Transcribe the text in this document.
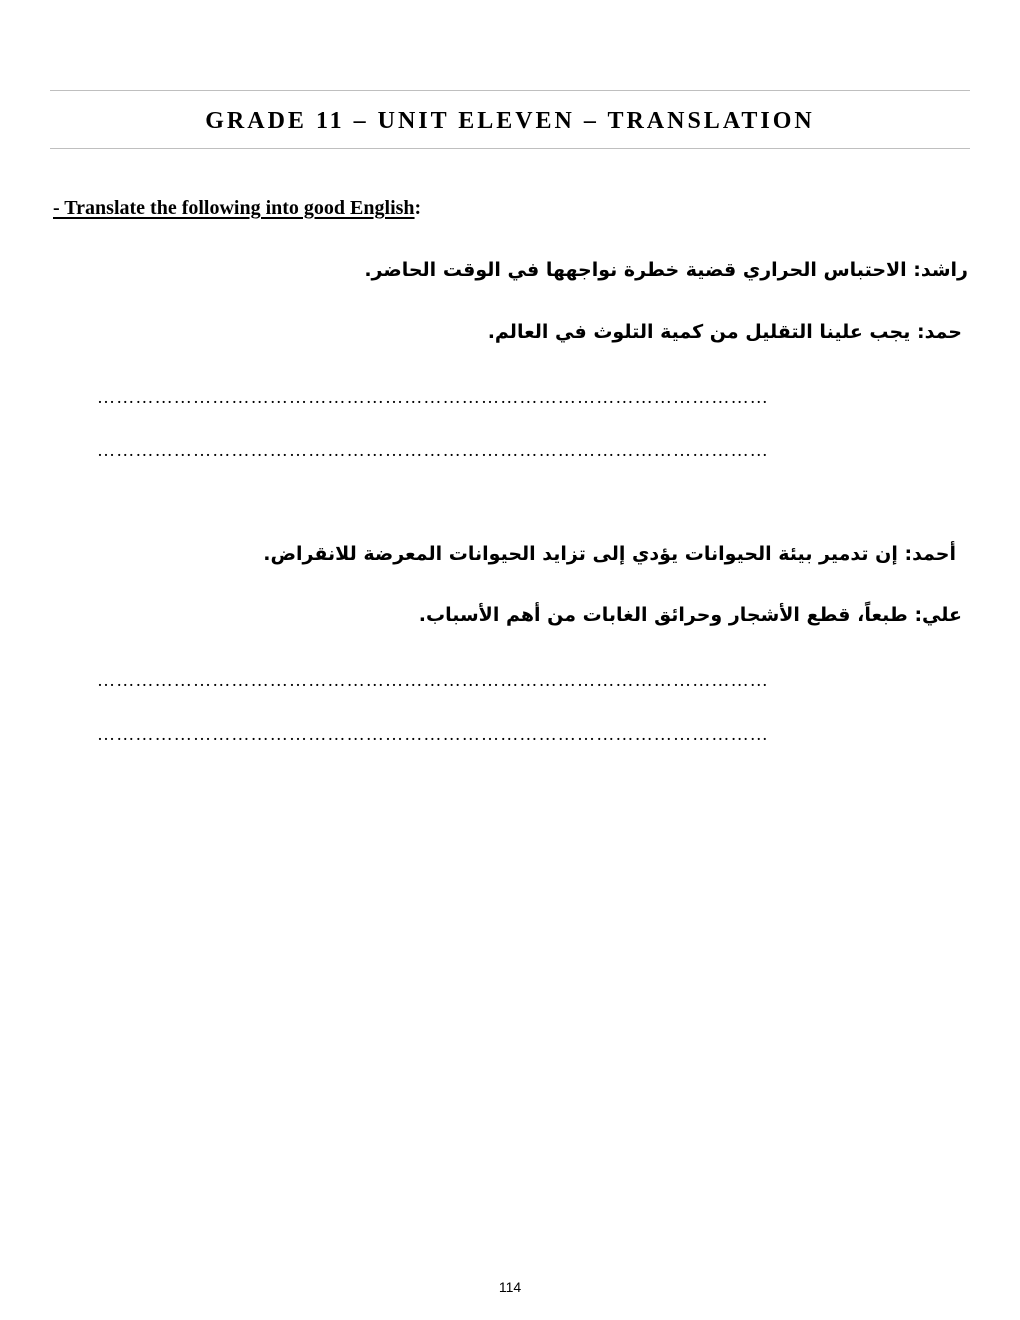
GRADE 11 – UNIT ELEVEN – TRANSLATION
- Translate the following into good English:
راشد: الاحتباس الحراري قضية خطرة نواجهها في الوقت الحاضر.
حمد: يجب علينا التقليل من كمية التلوث في العالم.
……………………………………………………………………………………………
……………………………………………………………………………………………
أحمد: إن تدمير بيئة الحيوانات يؤدي إلى تزايد الحيوانات المعرضة للانقراض.
علي: طبعاً، قطع الأشجار وحرائق الغابات من أهم الأسباب.
……………………………………………………………………………………………
……………………………………………………………………………………………
114
